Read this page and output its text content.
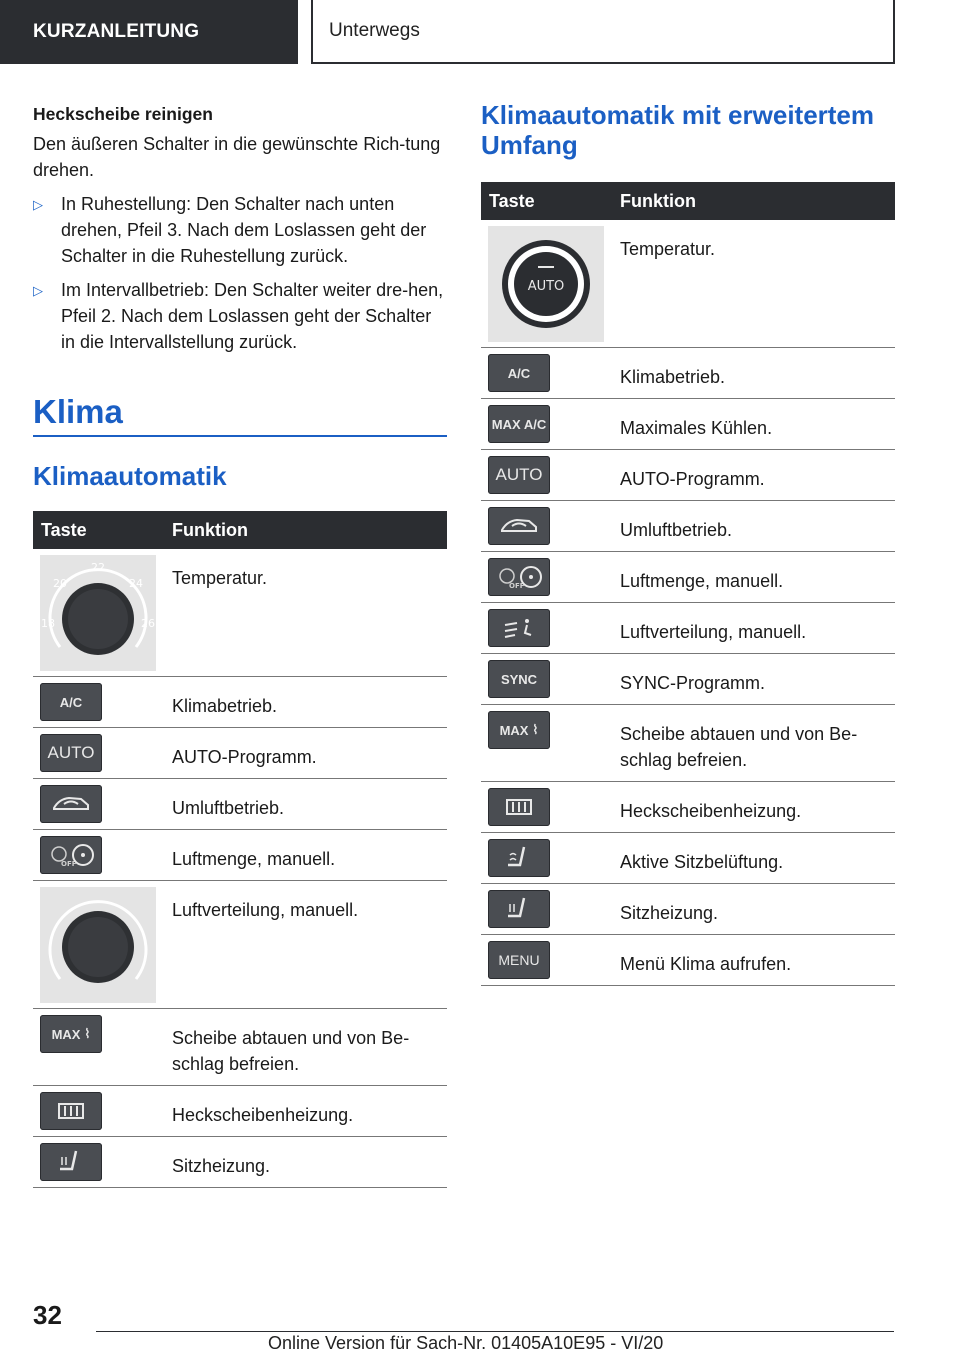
KURZANLEITUNG	Unterwegs
Heckscheibe reinigen

Den äußeren Schalter in die gewünschte Rich-tung drehen.

▷	In Ruhestellung: Den Schalter nach unten drehen, Pfeil 3. Nach dem Loslassen geht der Schalter in die Ruhestellung zurück.
▷	Im Intervallbetrieb: Den Schalter weiter dre-hen, Pfeil 2. Nach dem Loslassen geht der Schalter in die Intervallstellung zurück.
Klima
Klimaautomatik
Taste	Funktion

22
24
20
18 26	Temperatur.

A/C	Klimabetrieb.

AUTO	AUTO-Programm.

	Umluftbetrieb.

OFF	Luftmenge, manuell.

	Luftverteilung, manuell.

MAX ⌇	Scheibe abtauen und von Be-schlag befreien.

	Heckscheibenheizung.

	Sitzheizung.
Klimaautomatik mit erweitertem Umfang
Taste	Funktion

AUTO	Temperatur.

A/C	Klimabetrieb.

MAX A/C	Maximales Kühlen.

AUTO	AUTO-Programm.

	Umluftbetrieb.

OFF	Luftmenge, manuell.

	Luftverteilung, manuell.

SYNC	SYNC-Programm.

MAX ⌇	Scheibe abtauen und von Be-schlag befreien.

	Heckscheibenheizung.

	Aktive Sitzbelüftung.

	Sitzheizung.

MENU	Menü Klima aufrufen.
32
Online Version für Sach-Nr. 01405A10E95 - VI/20
